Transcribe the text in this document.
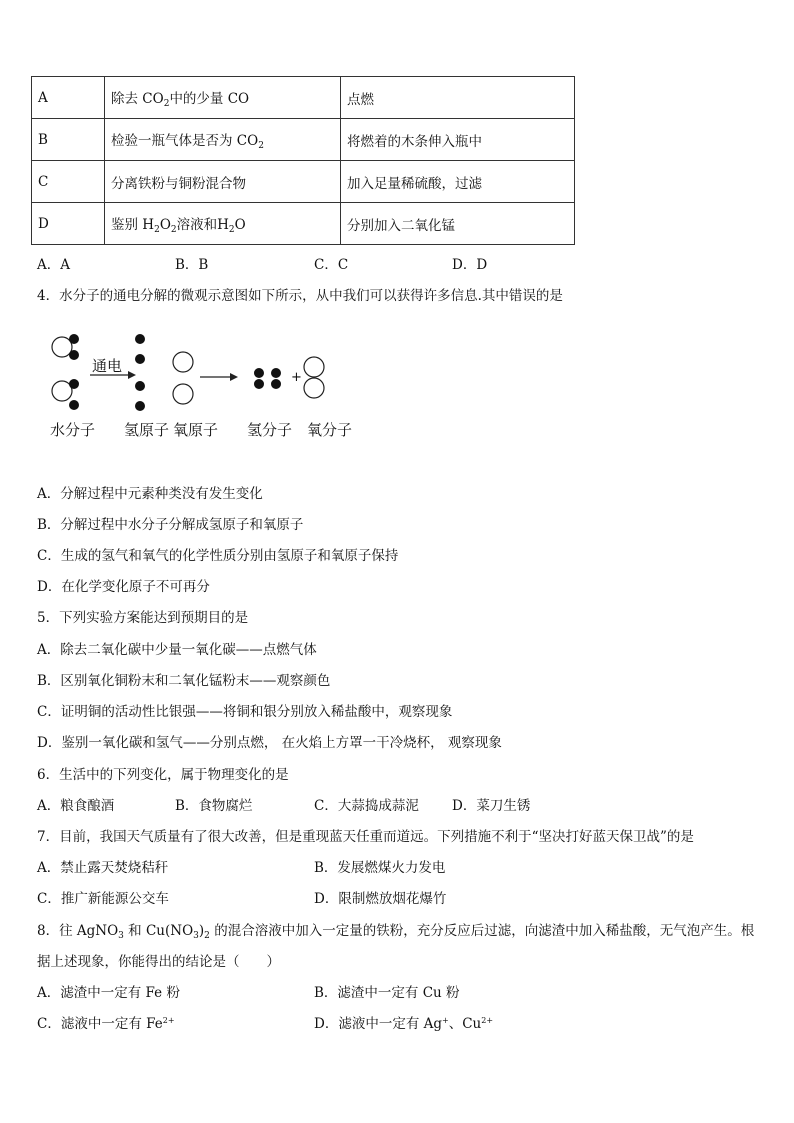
A	除去 $CO_2$中的少量 CO	点燃
B	检验一瓶气体是否为 $CO_2$	将燃着的木条伸入瓶中
C	分离铁粉与铜粉混合物	加入足量稀硫酸，过滤
D	鉴别 $H_2O_2$溶液和$H_2O$	分别加入二氧化锰
A．A	B．B	C．C	D．D
4．水分子的通电分解的微观示意图如下所示，从中我们可以获得许多信息.其中错误的是
通电
+
水分子 氢原子 氧原子 氢分子 氧分子
A．分解过程中元素种类没有发生变化
B．分解过程中水分子分解成氢原子和氧原子
C．生成的氢气和氧气的化学性质分别由氢原子和氧原子保持
D．在化学变化原子不可再分
5．下列实验方案能达到预期目的是
A．除去二氧化碳中少量一氧化碳——点燃气体
B．区别氧化铜粉末和二氧化锰粉末——观察颜色
C．证明铜的活动性比银强——将铜和银分别放入稀盐酸中，观察现象
D．鉴别一氧化碳和氢气——分别点燃， 在火焰上方罩一干冷烧杯， 观察现象
6．生活中的下列变化，属于物理变化的是
A．粮食酿酒	B．食物腐烂	C．大蒜捣成蒜泥 D．菜刀生锈
7．目前，我国天气质量有了很大改善，但是重现蓝天任重而道远。下列措施不利于“坚决打好蓝天保卫战”的是
A．禁止露天焚烧秸秆	B．发展燃煤火力发电
C．推广新能源公交车	D．限制燃放烟花爆竹
8．往 AgNO$_3$ 和 $Cu(NO_3)_2$ 的混合溶液中加入一定量的铁粉，充分反应后过滤，向滤渣中加入稀盐酸，无气泡产生。根
据上述现象，你能得出的结论是（　　）
A．滤渣中一定有 Fe 粉	B．滤渣中一定有 Cu 粉
C．滤液中一定有 $Fe^{2+}$	D．滤液中一定有 Ag+、$Cu^{2+}$
